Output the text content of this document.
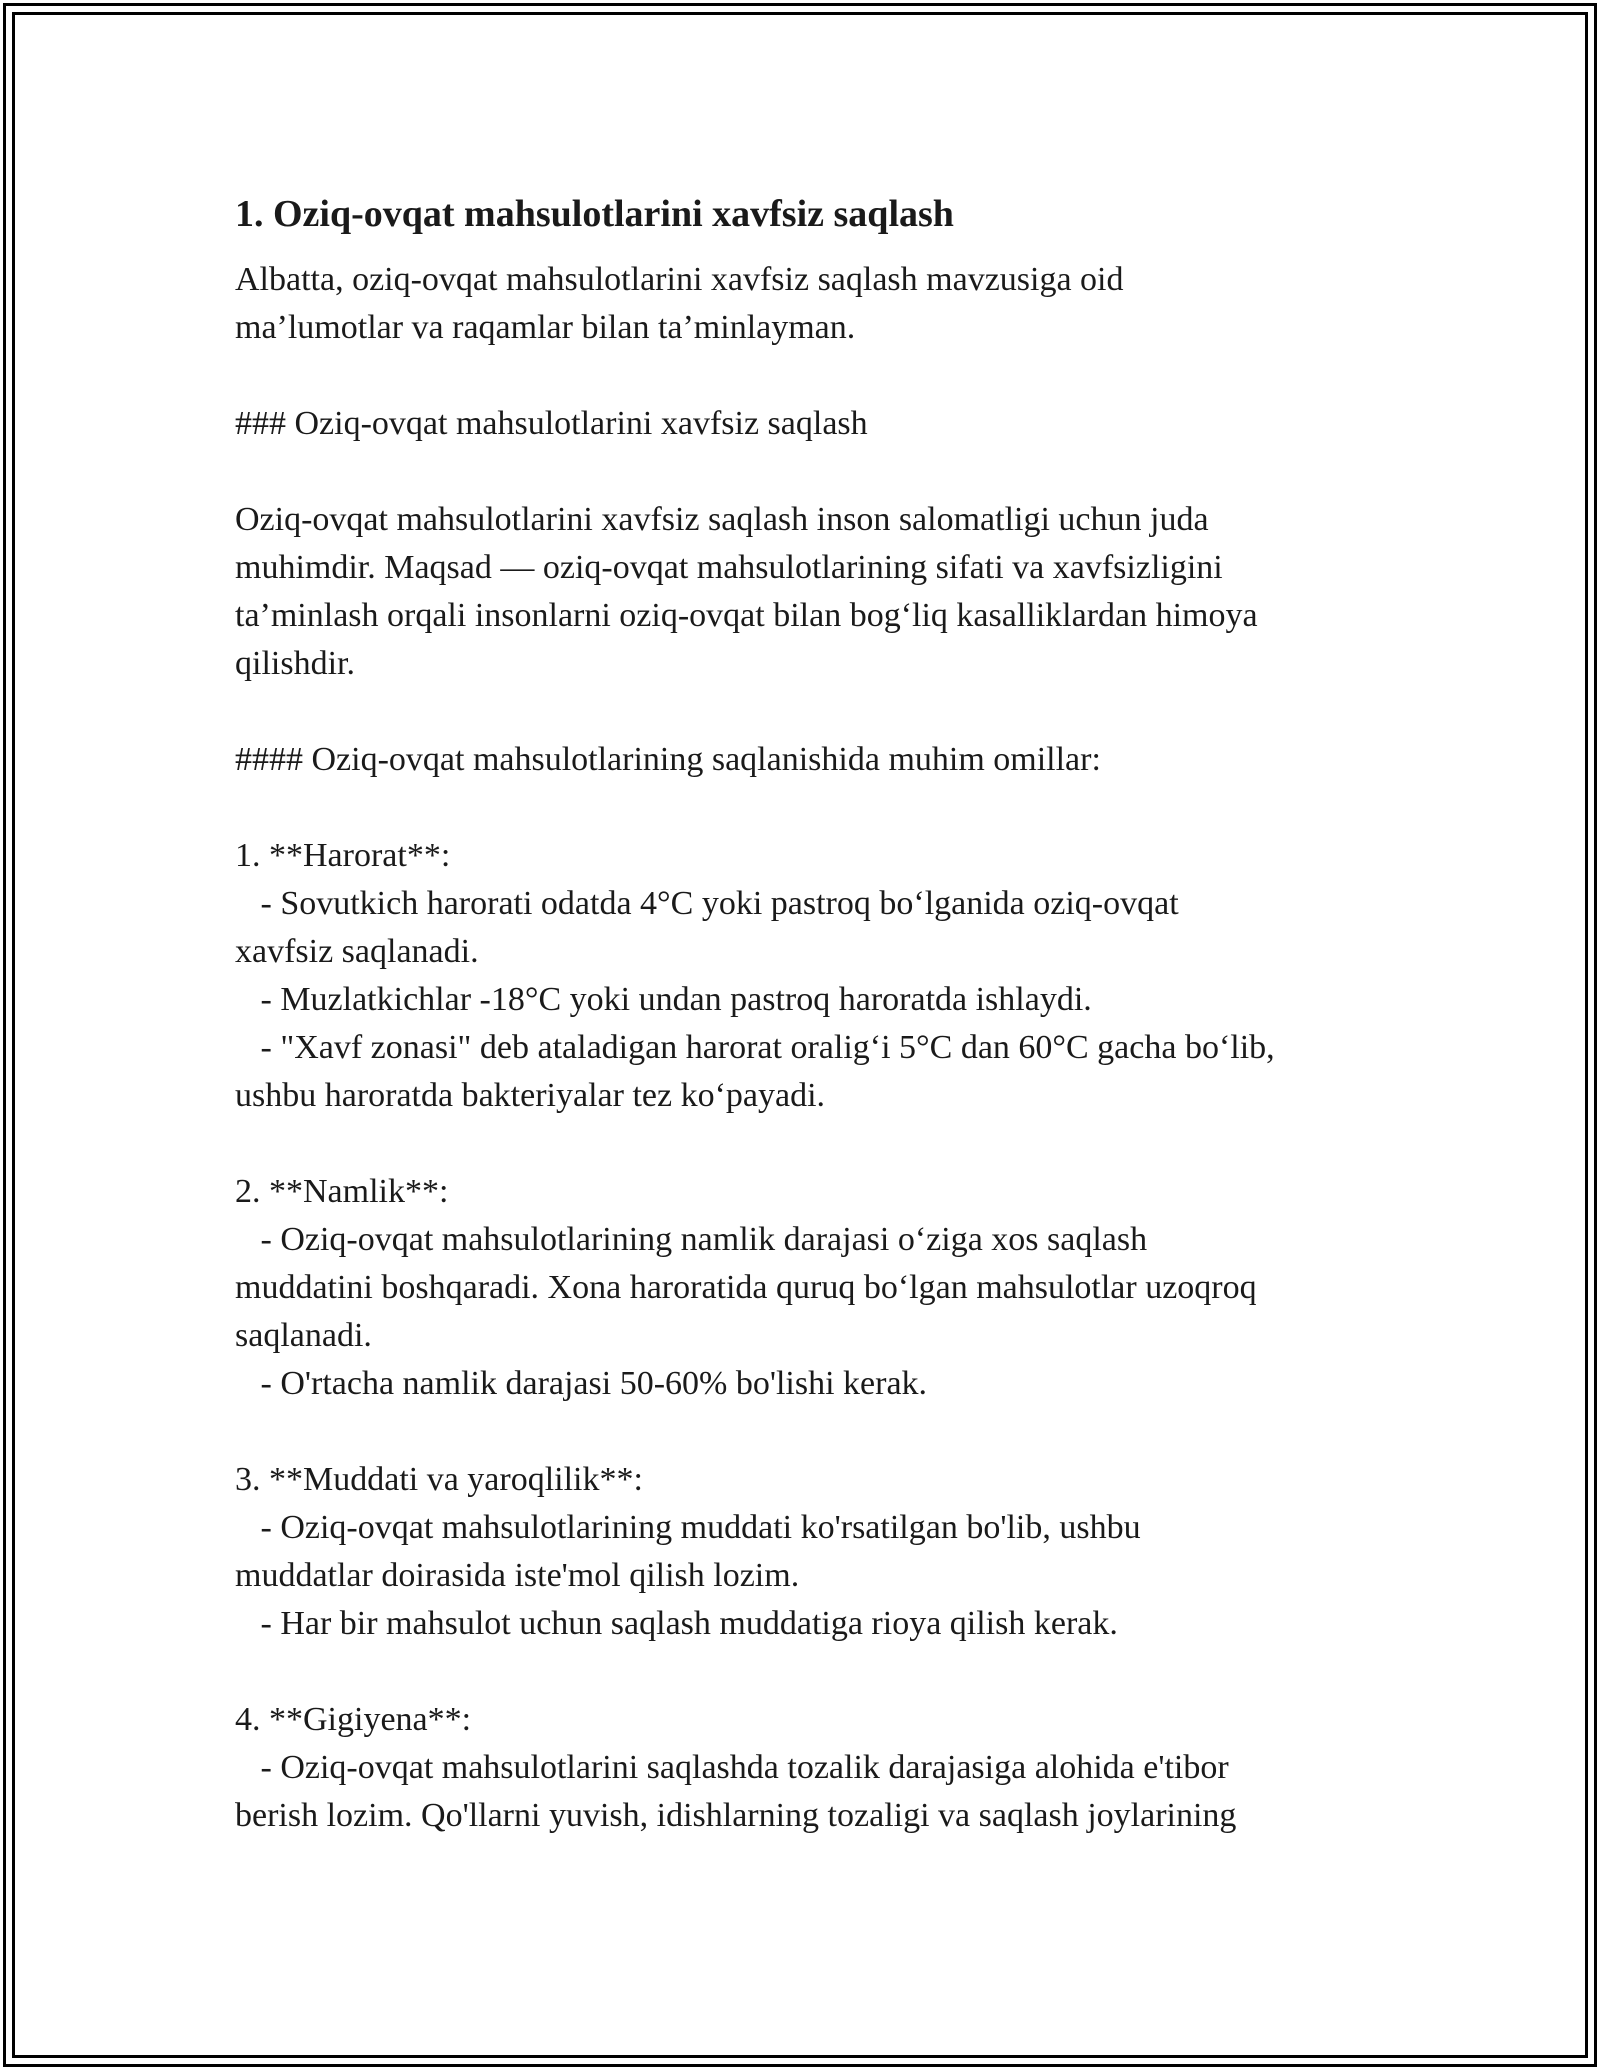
1. Oziq-ovqat mahsulotlarini xavfsiz saqlash

Albatta, oziq-ovqat mahsulotlarini xavfsiz saqlash mavzusiga oid
ma’lumotlar va raqamlar bilan ta’minlayman.

### Oziq-ovqat mahsulotlarini xavfsiz saqlash

Oziq-ovqat mahsulotlarini xavfsiz saqlash inson salomatligi uchun juda
muhimdir. Maqsad — oziq-ovqat mahsulotlarining sifati va xavfsizligini
ta’minlash orqali insonlarni oziq-ovqat bilan bog‘liq kasalliklardan himoya
qilishdir.

#### Oziq-ovqat mahsulotlarining saqlanishida muhim omillar:

1. **Harorat**:
- Sovutkich harorati odatda 4°C yoki pastroq bo‘lganida oziq-ovqat
xavfsiz saqlanadi.
- Muzlatkichlar -18°C yoki undan pastroq haroratda ishlaydi.
- "Xavf zonasi" deb ataladigan harorat oralig‘i 5°C dan 60°C gacha bo‘lib,
ushbu haroratda bakteriyalar tez ko‘payadi.

2. **Namlik**:
- Oziq-ovqat mahsulotlarining namlik darajasi o‘ziga xos saqlash
muddatini boshqaradi. Xona haroratida quruq bo‘lgan mahsulotlar uzoqroq
saqlanadi.
- O'rtacha namlik darajasi 50-60% bo'lishi kerak.

3. **Muddati va yaroqlilik**:
- Oziq-ovqat mahsulotlarining muddati ko'rsatilgan bo'lib, ushbu
muddatlar doirasida iste'mol qilish lozim.
- Har bir mahsulot uchun saqlash muddatiga rioya qilish kerak.

4. **Gigiyena**:
- Oziq-ovqat mahsulotlarini saqlashda tozalik darajasiga alohida e'tibor
berish lozim. Qo'llarni yuvish, idishlarning tozaligi va saqlash joylarining
